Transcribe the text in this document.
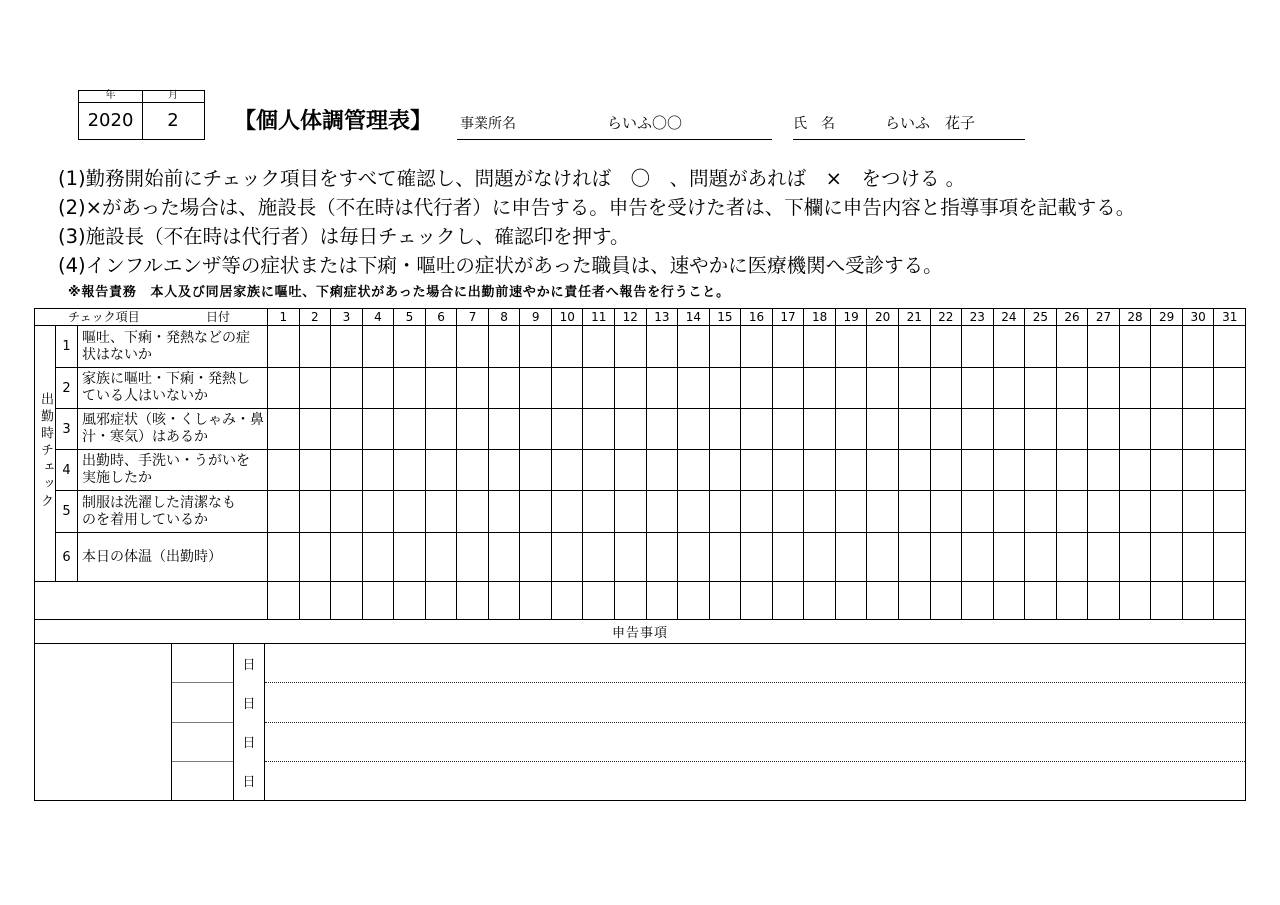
年	月
2020	2	【個人体調管理表】 事業所名	らいふ〇〇	氏　名	らいふ　花子
(1)勤務開始前にチェック項目をすべて確認し、問題がなければ　〇　、問題があれば　×　をつける 。
(2)×があった場合は、施設長（不在時は代行者）に申告する。申告を受けた者は、下欄に申告内容と指導事項を記載する。
(3)施設長（不在時は代行者）は毎日チェックし、確認印を押す。
(4)インフルエンザ等の症状または下痢・嘔吐の症状があった職員は、速やかに医療機関へ受診する。
※報告責務　本人及び同居家族に嘔吐、下痢症状があった場合に出勤前速やかに責任者へ報告を行うこと。
チェック項目 日付			1	2	3	4	5	6	7	8	9	10	11	12	13	14	15	16	17	18	19	20	21	22	23	24	25	26	27	28	29	30	31
出勤時チェック	1	嘔吐、下痢・発熱などの症
状はないか																															

	2	家族に嘔吐・下痢・発熱し
ている人はいないか																															

	3	風邪症状（咳・くしゃみ・鼻
汁・寒気）はあるか																															

	4	出勤時、手洗い・うがいを
実施したか																															

	5	制服は洗濯した清潔なも
のを着用しているか																															

	6	本日の体温（出勤時）																															

申告事項																																	

日
日
日
日																																	
